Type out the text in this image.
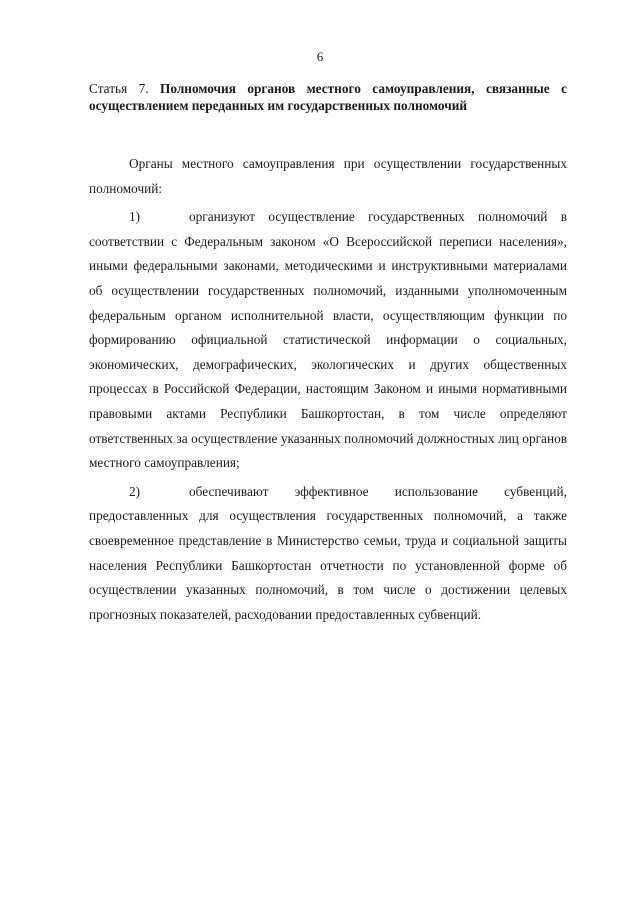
6
Статья 7. Полномочия органов местного самоуправления, связанные с осуществлением переданных им государственных полномочий

Органы местного самоуправления при осуществлении государственных полномочий:

1)	организуют осуществление государственных полномочий в соответствии с Федеральным законом «О Всероссийской переписи населения», иными федеральными законами, методическими и инструктивными материалами об осуществлении государственных полномочий, изданными уполномоченным федеральным органом исполнительной власти, осуществляющим функции по формированию официальной статистической информации о социальных, экономических, демографических, экологических и других общественных процессах в Российской Федерации, настоящим Законом и иными нормативными правовыми актами Республики Башкортостан, в том числе определяют ответственных за осуществление указанных полномочий должностных лиц органов местного самоуправления;

2)	обеспечивают эффективное использование субвенций, предоставленных для осуществления государственных полномочий, а также своевременное представление в Министерство семьи, труда и социальной защиты населения Республики Башкортостан отчетности по установленной форме об осуществлении указанных полномочий, в том числе о достижении целевых прогнозных показателей, расходовании предоставленных субвенций.
